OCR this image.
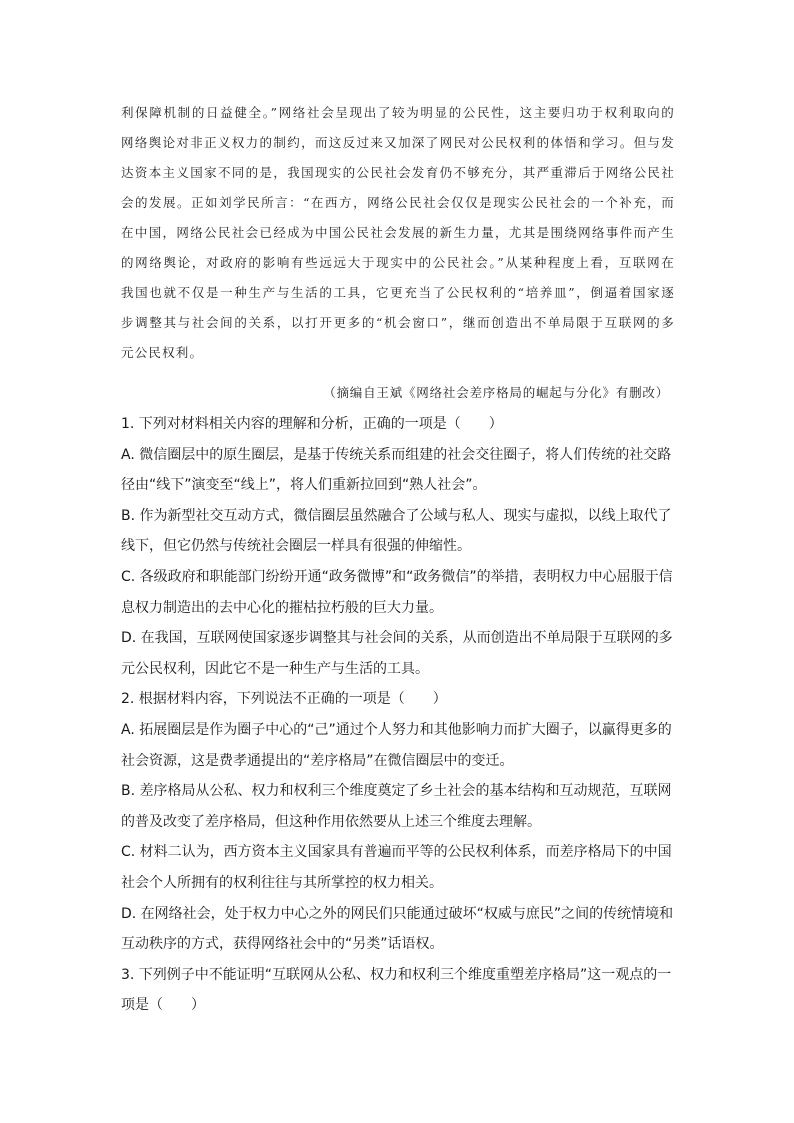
利保障机制的日益健全。”网络社会呈现出了较为明显的公民性，这主要归功于权利取向的

网络舆论对非正义权力的制约，而这反过来又加深了网民对公民权利的体悟和学习。但与发

达资本主义国家不同的是，我国现实的公民社会发育仍不够充分，其严重滞后于网络公民社

会的发展。正如刘学民所言：“在西方，网络公民社会仅仅是现实公民社会的一个补充，而

在中国，网络公民社会已经成为中国公民社会发展的新生力量，尤其是围绕网络事件而产生

的网络舆论，对政府的影响有些远远大于现实中的公民社会。”从某种程度上看，互联网在

我国也就不仅是一种生产与生活的工具，它更充当了公民权利的“培养皿”，倒逼着国家逐

步调整其与社会间的关系，以打开更多的“机会窗口”，继而创造出不单局限于互联网的多

元公民权利。

（摘编自王斌《网络社会差序格局的崛起与分化》有删改）

1. 下列对材料相关内容的理解和分析，正确的一项是（　　）

A. 微信圈层中的原生圈层，是基于传统关系而组建的社会交往圈子，将人们传统的社交路径由“线下”演变至“线上”，将人们重新拉回到“熟人社会”。

B. 作为新型社交互动方式，微信圈层虽然融合了公域与私人、现实与虚拟，以线上取代了线下，但它仍然与传统社会圈层一样具有很强的伸缩性。

C. 各级政府和职能部门纷纷开通“政务微博”和“政务微信”的举措，表明权力中心屈服于信息权力制造出的去中心化的摧枯拉朽般的巨大力量。

D. 在我国，互联网使国家逐步调整其与社会间的关系，从而创造出不单局限于互联网的多元公民权利，因此它不是一种生产与生活的工具。

2. 根据材料内容，下列说法不正确的一项是（　　）

A. 拓展圈层是作为圈子中心的“己”通过个人努力和其他影响力而扩大圈子，以赢得更多的社会资源，这是费孝通提出的“差序格局”在微信圈层中的变迁。

B. 差序格局从公私、权力和权利三个维度奠定了乡土社会的基本结构和互动规范，互联网的普及改变了差序格局，但这种作用依然要从上述三个维度去理解。

C. 材料二认为，西方资本主义国家具有普遍而平等的公民权利体系，而差序格局下的中国社会个人所拥有的权利往往与其所掌控的权力相关。

D. 在网络社会，处于权力中心之外的网民们只能通过破坏“权威与庶民”之间的传统情境和互动秩序的方式，获得网络社会中的“另类”话语权。

3. 下列例子中不能证明“互联网从公私、权力和权利三个维度重塑差序格局”这一观点的一项是（　　）
